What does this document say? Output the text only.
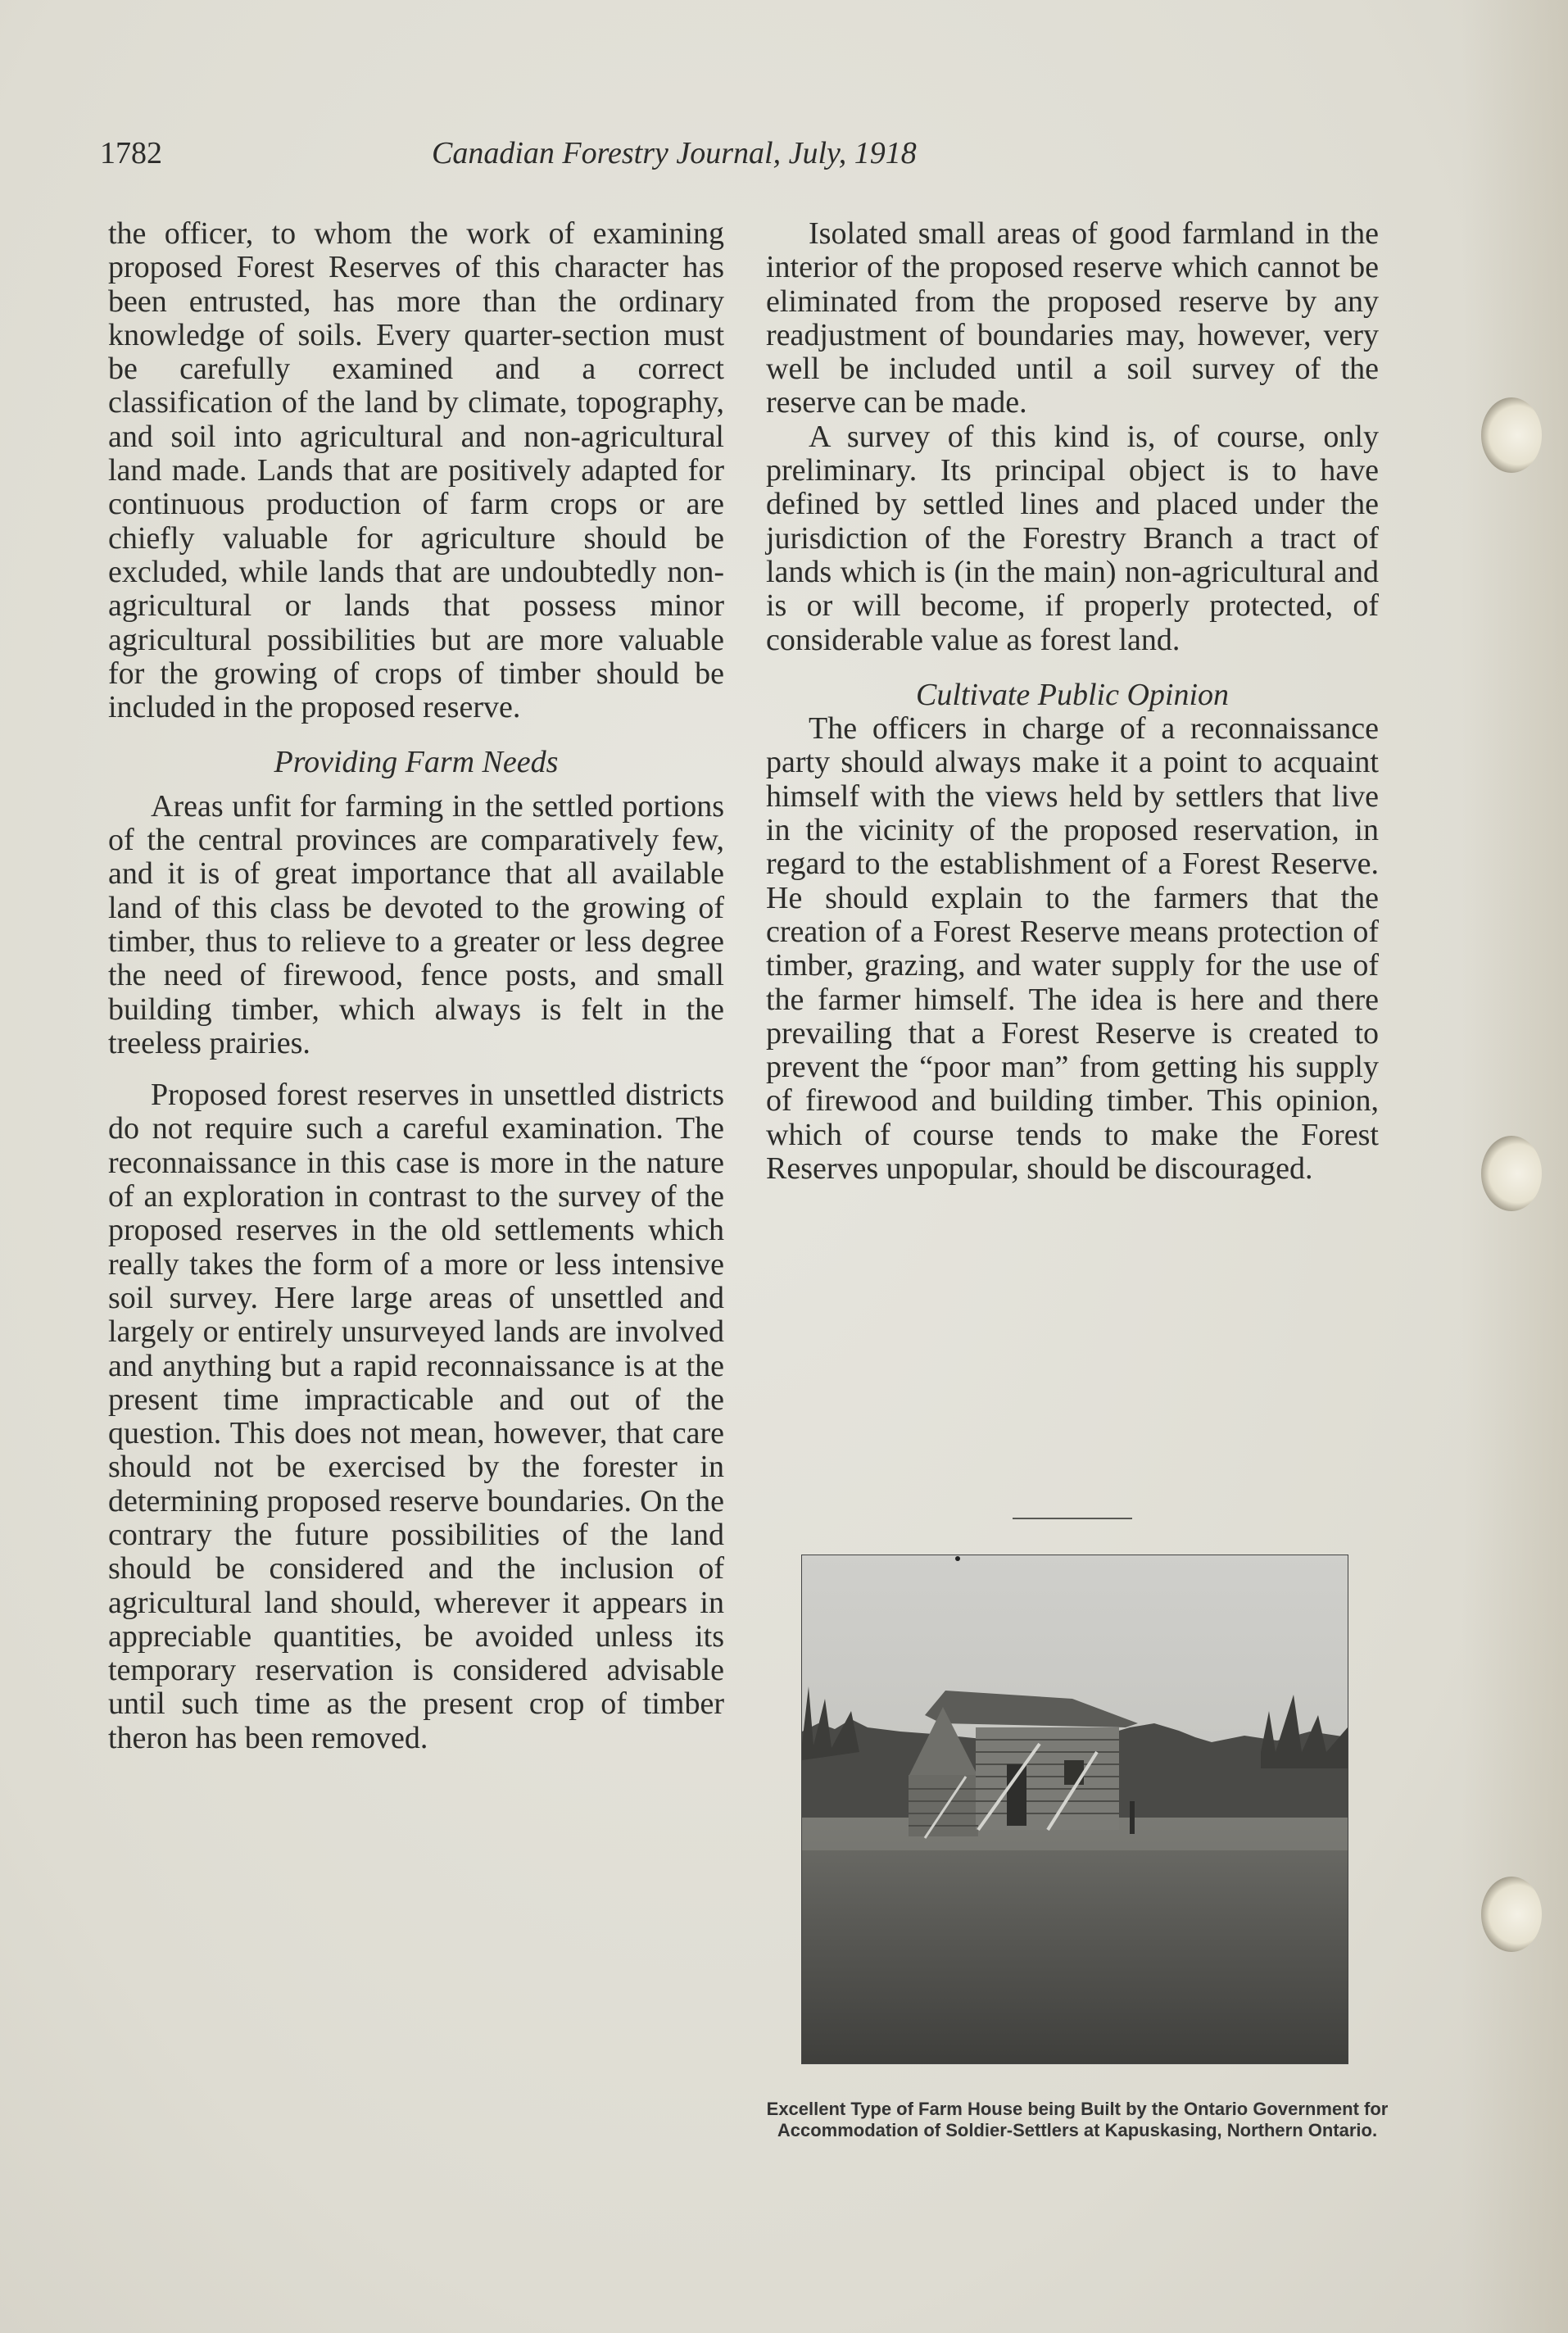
1782	Canadian Forestry Journal, July, 1918

the officer, to whom the work of examining proposed Forest Reserves of this character has been entrusted, has more than the ordinary knowledge of soils. Every quarter-section must be carefully examined and a correct classification of the land by climate, topography, and soil into agricultural and non-agricultural land made. Lands that are positively adapted for continuous production of farm crops or are chiefly valuable for agriculture should be excluded, while lands that are undoubtedly non-agricultural or lands that possess minor agricultural possibilities but are more valuable for the growing of crops of timber should be included in the proposed reserve.

Providing Farm Needs

Areas unfit for farming in the settled portions of the central provinces are comparatively few, and it is of great importance that all available land of this class be devoted to the growing of timber, thus to relieve to a greater or less degree the need of firewood, fence posts, and small building timber, which always is felt in the treeless prairies.

Proposed forest reserves in unsettled districts do not require such a careful examination. The reconnaissance in this case is more in the nature of an exploration in contrast to the survey of the proposed reserves in the old settlements which really takes the form of a more or less intensive soil survey. Here large areas of unsettled and largely or entirely unsurveyed lands are involved and anything but a rapid reconnaissance is at the present time impracticable and out of the question. This does not mean, however, that care should not be exercised by the forester in determining proposed reserve boundaries. On the contrary the future possibilities of the land should be considered and the inclusion of agricultural land should, wherever it appears in appreciable quantities, be avoided unless its temporary reservation is considered advisable until such time as the present crop of timber theron has been removed.

Isolated small areas of good farmland in the interior of the proposed reserve which cannot be eliminated from the proposed reserve by any readjustment of boundaries may, however, very well be included until a soil survey of the reserve can be made.

A survey of this kind is, of course, only preliminary. Its principal object is to have defined by settled lines and placed under the jurisdiction of the Forestry Branch a tract of lands which is (in the main) non-agricultural and is or will become, if properly protected, of considerable value as forest land.

Cultivate Public Opinion

The officers in charge of a reconnaissance party should always make it a point to acquaint himself with the views held by settlers that live in the vicinity of the proposed reservation, in regard to the establishment of a Forest Reserve. He should explain to the farmers that the creation of a Forest Reserve means protection of timber, grazing, and water supply for the use of the farmer himself. The idea is here and there prevailing that a Forest Reserve is created to prevent the “poor man” from getting his supply of firewood and building timber. This opinion, which of course tends to make the Forest Reserves unpopular, should be discouraged.

Excellent Type of Farm House being Built by the Ontario Government for Accommodation of Soldier-Settlers at Kapuskasing, Northern Ontario.
